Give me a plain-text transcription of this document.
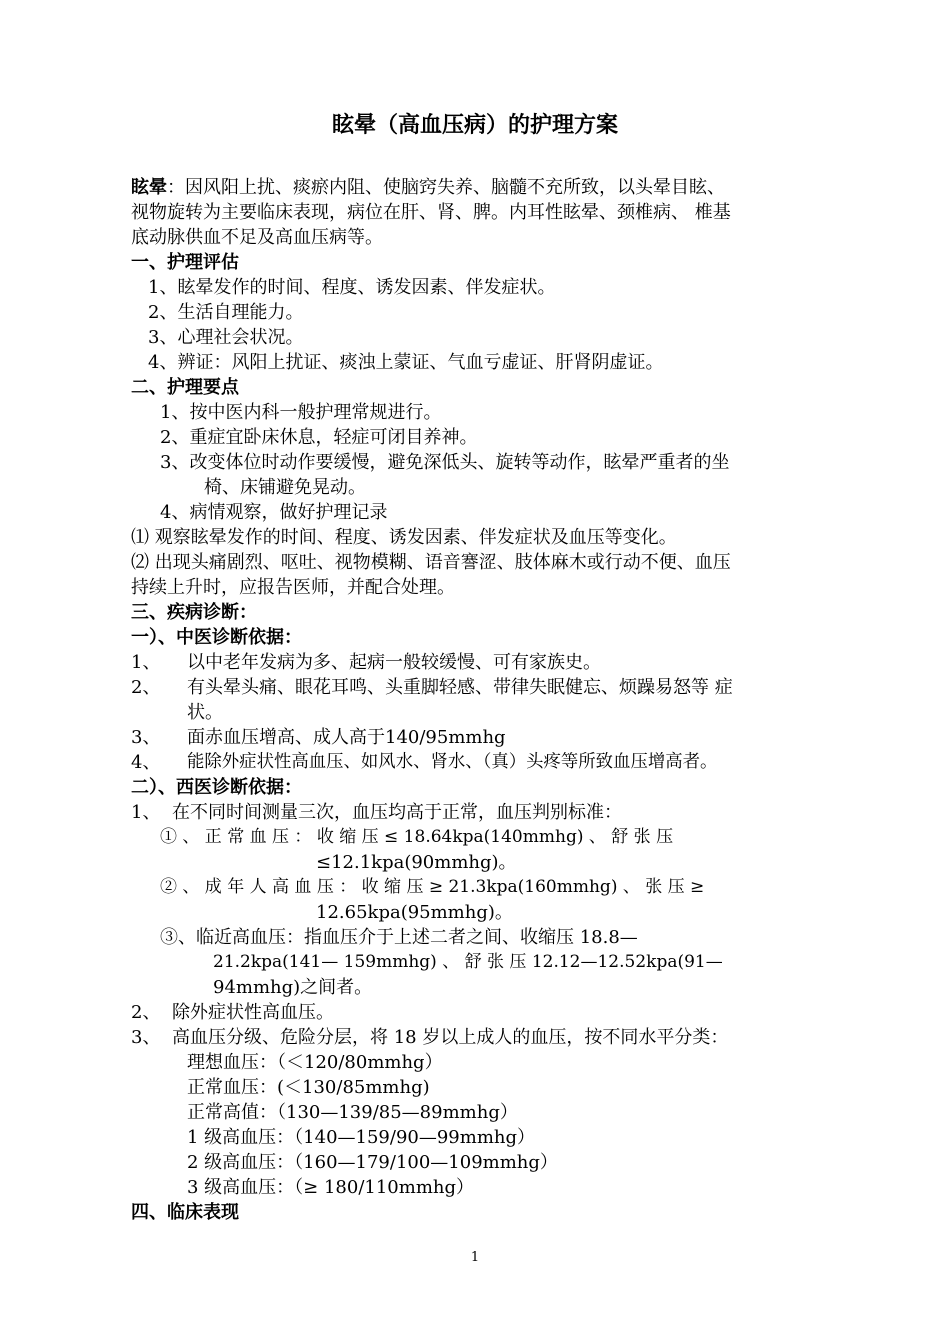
眩晕（高血压病）的护理方案
眩晕：因风阳上扰、痰瘀内阻、使脑窍失养、脑髓不充所致，以头晕目眩、
视物旋转为主要临床表现，病位在肝、肾、脾。内耳性眩晕、颈椎病、 椎基
底动脉供血不足及高血压病等。
一、护理评估
1、眩晕发作的时间、程度、诱发因素、伴发症状。
2、生活自理能力。
3、心理社会状况。
4、辨证：风阳上扰证、痰浊上蒙证、气血亏虚证、肝肾阴虚证。
二、护理要点
1、按中医内科一般护理常规进行。
2、重症宜卧床休息，轻症可闭目养神。
3、改变体位时动作要缓慢，避免深低头、旋转等动作，眩晕严重者的坐
椅、床铺避免晃动。
4、病情观察，做好护理记录
⑴ 观察眩晕发作的时间、程度、诱发因素、伴发症状及血压等变化。
⑵ 出现头痛剧烈、呕吐、视物模糊、语音謇涩、肢体麻木或行动不便、血压
持续上升时，应报告医师，并配合处理。
三、疾病诊断：
一）、中医诊断依据：
1、 以中老年发病为多、起病一般较缓慢、可有家族史。
2、 有头晕头痛、眼花耳鸣、头重脚轻感、带律失眠健忘、烦躁易怒等 症
状。
3、 面赤血压增高、成人高于140/95mmhg
4、 能除外症状性高血压、如风水、肾水、（真）头疼等所致血压增高者。
二）、西医诊断依据：
1、 在不同时间测量三次，血压均高于正常，血压判别标准：
① 、 正 常 血 压 ： 收 缩 压 ≤ 18.64kpa(140mmhg) 、 舒 张 压
≤12.1kpa(90mmhg)。
② 、 成 年 人 高 血 压 ： 收 缩 压 ≥ 21.3kpa(160mmhg) 、 张 压 ≥
12.65kpa(95mmhg)。
③、临近高血压：指血压介于上述二者之间、收缩压 18.8—
21.2kpa(141— 159mmhg) 、 舒 张 压 12.12—12.52kpa(91—
94mmhg)之间者。
2、 除外症状性高血压。
3、 高血压分级、危险分层，将 18 岁以上成人的血压，按不同水平分类：
理想血压：（＜120/80mmhg）
正常血压：(＜130/85mmhg)
正常高值：（130—139/85—89mmhg）
1 级高血压：（140—159/90—99mmhg）
2 级高血压：（160—179/100—109mmhg）
3 级高血压：（≥ 180/110mmhg）
四、临床表现
1
